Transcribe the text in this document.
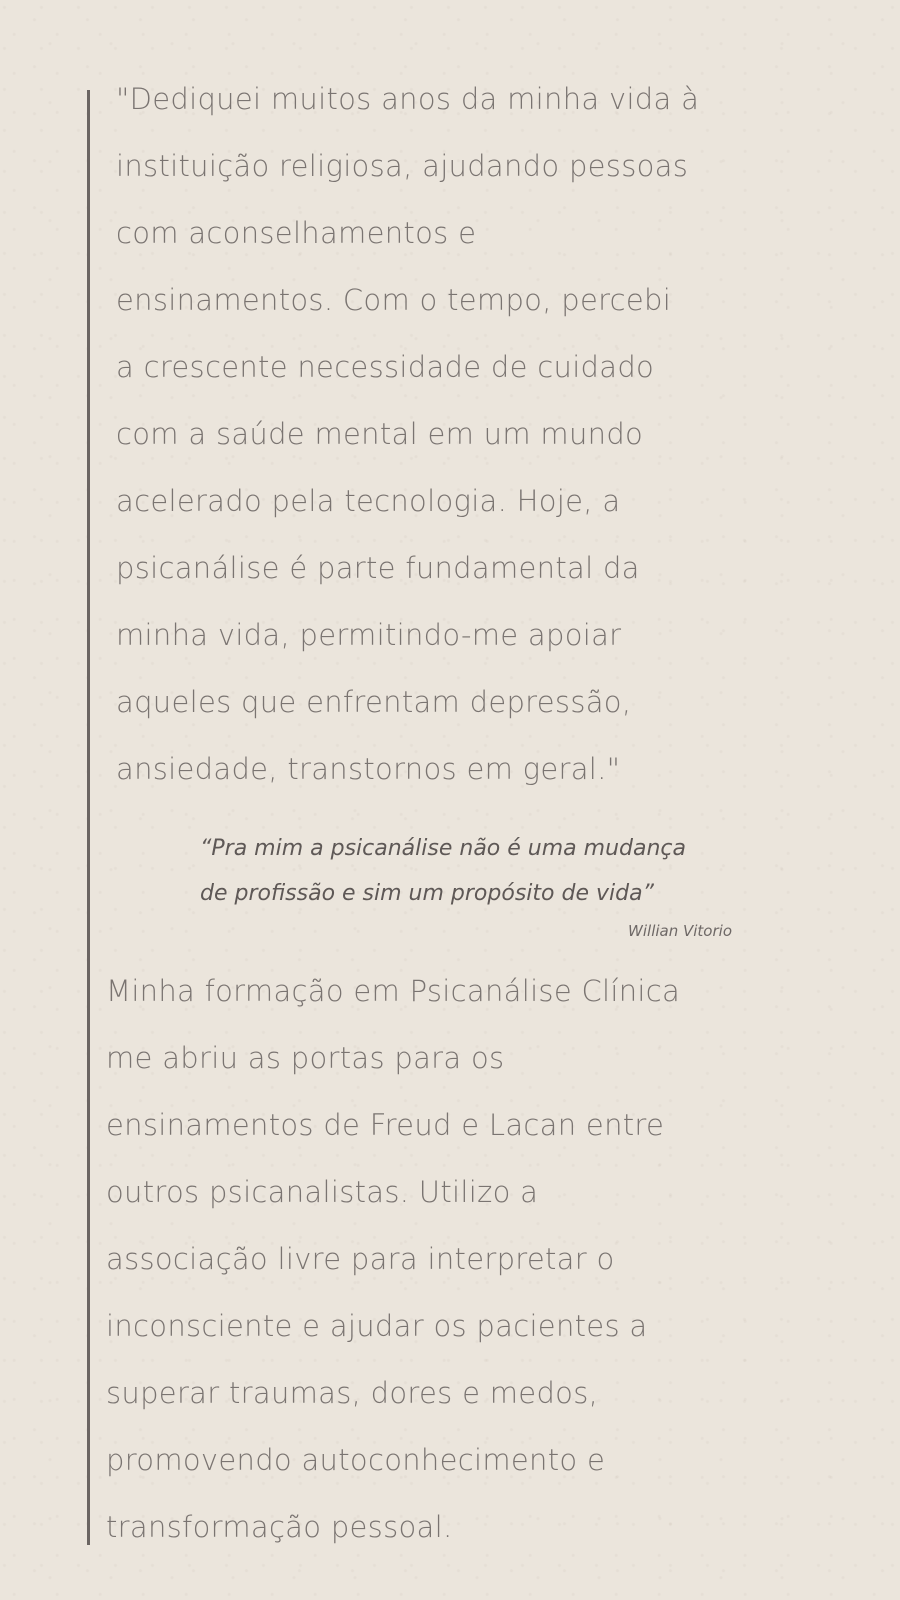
"Dediquei muitos anos da minha vida à
instituição religiosa, ajudando pessoas
com aconselhamentos e
ensinamentos. Com o tempo, percebi
a crescente necessidade de cuidado
com a saúde mental em um mundo
acelerado pela tecnologia. Hoje, a
psicanálise é parte fundamental da
minha vida, permitindo-me apoiar
aqueles que enfrentam depressão,
ansiedade, transtornos em geral."

“Pra mim a psicanálise não é uma mudança
de profissão e sim um propósito de vida”

Willian Vitorio

Minha formação em Psicanálise Clínica
me abriu as portas para os
ensinamentos de Freud e Lacan entre
outros psicanalistas. Utilizo a
associação livre para interpretar o
inconsciente e ajudar os pacientes a
superar traumas, dores e medos,
promovendo autoconhecimento e
transformação pessoal.
